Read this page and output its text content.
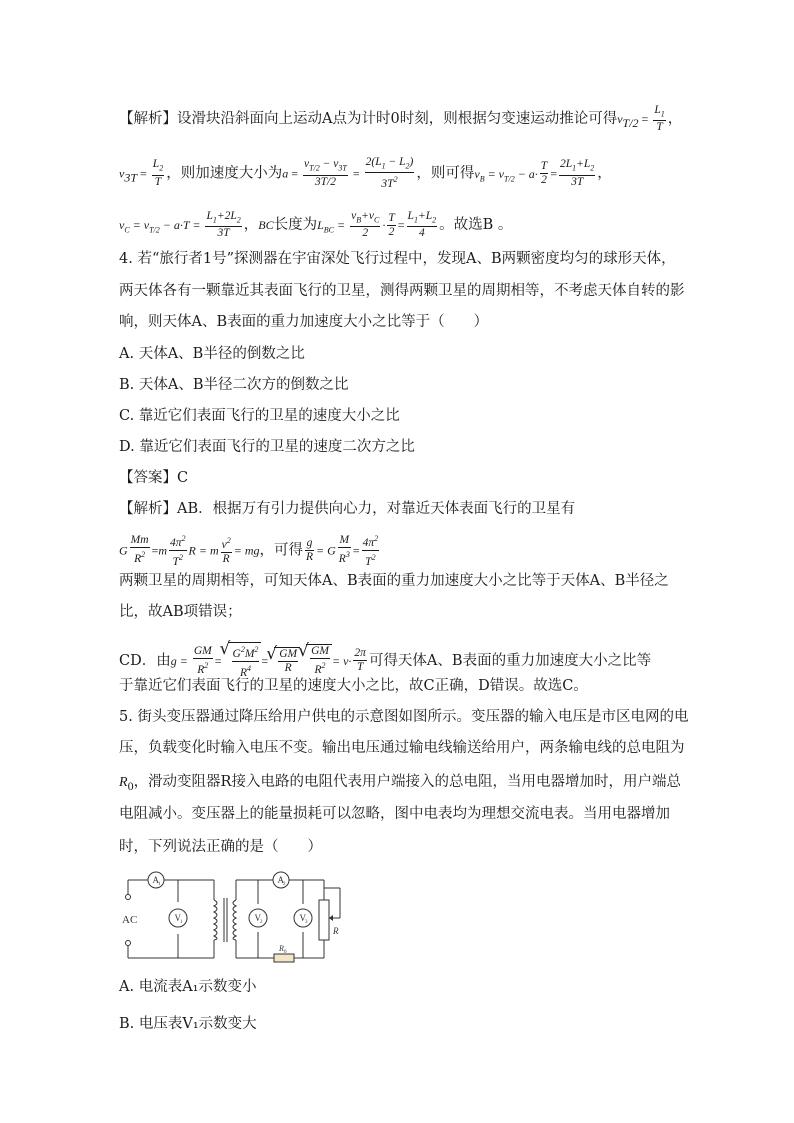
【解析】设滑块沿斜面向上运动A点为计时0时刻，则根据匀变速运动推论可得$v_{T/2} = \frac{L_1}{T}$ ，
$v_{3T} = \frac{L_2}{T}$ ，则加速度大小为$a = \frac{v_{T/2} - v_{3T}}{3T/2} = \frac{2(L_1 - L_2)}{3T^2}$ ，则可得$v_B = v_{T/2} - a\cdot \frac{T}{2} = \frac{2L_1+L_2}{3T}$ ，
$v_C = v_{T/2} - a\cdot T = \frac{L_1+2L_2}{3T}$ ，BC长度为$L_{BC} = \frac{v_B+v_C}{2} \cdot \frac{T}{2} = \frac{L_1+L_2}{4}$ 。故选B 。
4. 若“旅行者1号”探测器在宇宙深处飞行过程中，发现A、B两颗密度均匀的球形天体，
两天体各有一颗靠近其表面飞行的卫星，测得两颗卫星的周期相等，不考虑天体自转的影
响，则天体A、B表面的重力加速度大小之比等于（　　）
A. 天体A、B半径的倒数之比
B. 天体A、B半径二次方的倒数之比
C. 靠近它们表面飞行的卫星的速度大小之比
D. 靠近它们表面飞行的卫星的速度二次方之比
【答案】C
【解析】AB．根据万有引力提供向心力，对靠近天体表面飞行的卫星有
G $\frac{Mm}{R^2} =m \frac{4\pi^2}{T^2}$ R = m $\frac{v^2}{R}$ = mg，可得 $\frac{g}{R} = G \frac{M}{R^3} = \frac{4\pi^2}{T^2}$
两颗卫星的周期相等，可知天体A、B表面的重力加速度大小之比等于天体A、B半径之
比，故AB项错误；
CD．由$g = \frac{GM}{R^2}$ = √ $\frac{G^2M^2}{R^4}$ = √ $\frac{GM}{R}$ √ $\frac{GM}{R^2} = v\cdot \frac{2\pi}{T}$ 可得天体A、B表面的重力加速度大小之比等
于靠近它们表面飞行的卫星的速度大小之比，故C正确，D错误。故选C。
5. 街头变压器通过降压给用户供电的示意图如图所示。变压器的输入电压是市区电网的电
压，负载变化时输入电压不变。输出电压通过输电线输送给用户，两条输电线的总电阻为
$R_0$，滑动变阻器R接入电路的电阻代表用户端接入的总电阻，当用电器增加时，用户端总
电阻减小。变压器上的能量损耗可以忽略，图中电表均为理想交流电表。当用电器增加
时，下列说法正确的是（　　）
A 1
V 1
A 2
V 2	V 3
AC
R
R 0
A. 电流表A₁示数变小
B. 电压表V₁示数变大
